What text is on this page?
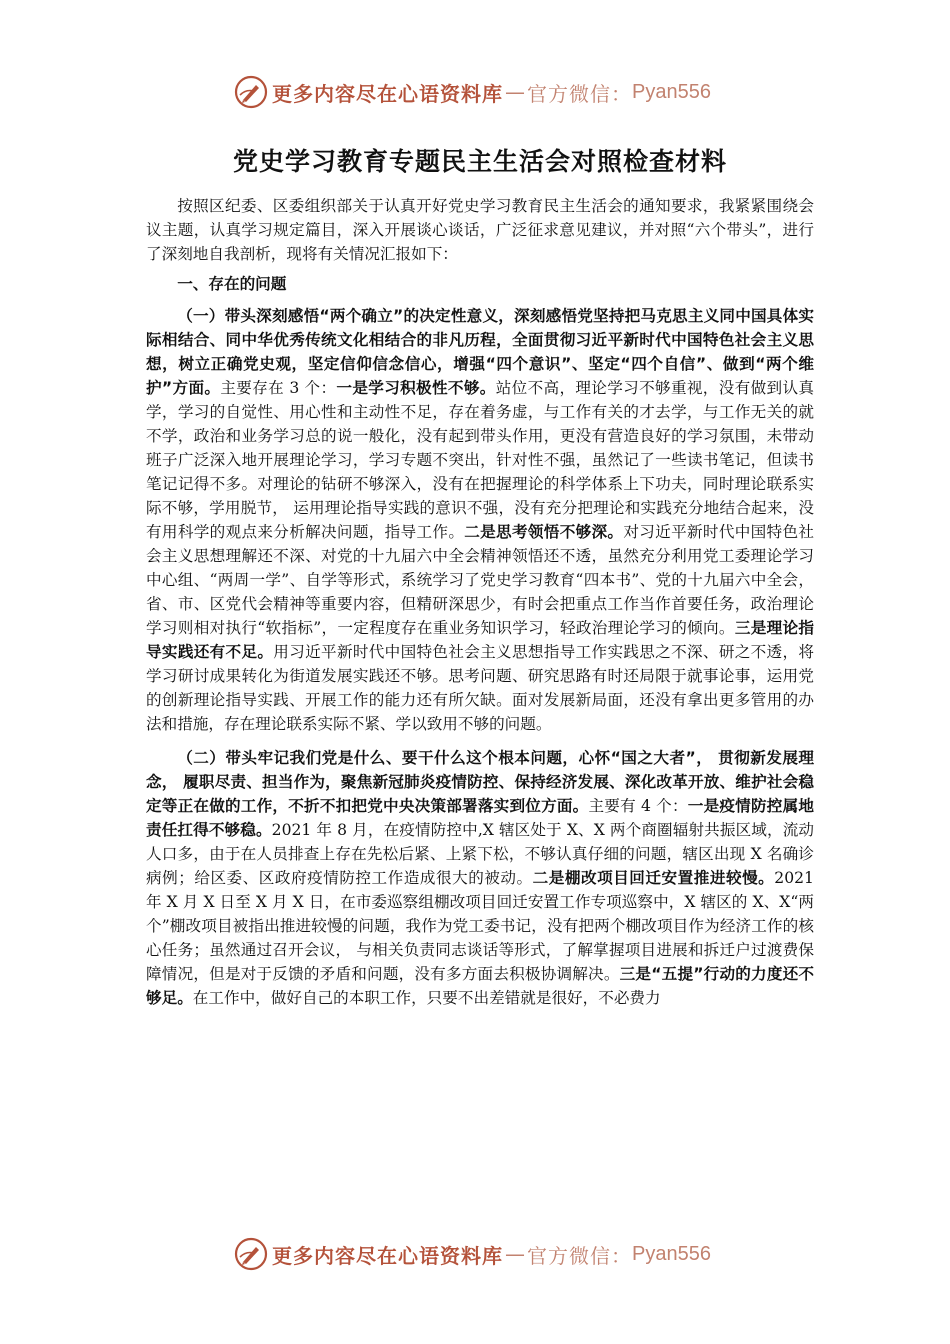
更多内容尽在心语资料库 — 官方微信： Pyan556
党史学习教育专题民主生活会对照检查材料

按照区纪委、区委组织部关于认真开好党史学习教育民主生活会的通知要求，我紧紧围绕会议主题，认真学习规定篇目，深入开展谈心谈话，广泛征求意见建议，并对照“六个带头”，进行了深刻地自我剖析，现将有关情况汇报如下：

一、存在的问题

（一）带头深刻感悟“两个确立”的决定性意义，深刻感悟党坚持把马克思主义同中国具体实际相结合、同中华优秀传统文化相结合的非凡历程，全面贯彻习近平新时代中国特色社会主义思想，树立正确党史观，坚定信仰信念信心，增强“四个意识”、坚定“四个自信”、做到“两个维护”方面。主要存在 3 个：一是学习积极性不够。站位不高，理论学习不够重视，没有做到认真学，学习的自觉性、用心性和主动性不足，存在着务虚，与工作有关的才去学，与工作无关的就不学，政治和业务学习总的说一般化，没有起到带头作用，更没有营造良好的学习氛围，未带动班子广泛深入地开展理论学习，学习专题不突出，针对性不强，虽然记了一些读书笔记，但读书笔记记得不多。对理论的钻研不够深入，没有在把握理论的科学体系上下功夫，同时理论联系实际不够，学用脱节， 运用理论指导实践的意识不强，没有充分把理论和实践充分地结合起来，没有用科学的观点来分析解决问题，指导工作。二是思考领悟不够深。对习近平新时代中国特色社会主义思想理解还不深、对党的十九届六中全会精神领悟还不透，虽然充分利用党工委理论学习中心组、“两周一学”、自学等形式，系统学习了党史学习教育“四本书”、党的十九届六中全会，省、市、区党代会精神等重要内容，但精研深思少，有时会把重点工作当作首要任务，政治理论学习则相对执行“软指标”，一定程度存在重业务知识学习，轻政治理论学习的倾向。三是理论指导实践还有不足。用习近平新时代中国特色社会主义思想指导工作实践思之不深、研之不透，将学习研讨成果转化为街道发展实践还不够。思考问题、研究思路有时还局限于就事论事，运用党的创新理论指导实践、开展工作的能力还有所欠缺。面对发展新局面，还没有拿出更多管用的办法和措施，存在理论联系实际不紧、学以致用不够的问题。

（二）带头牢记我们党是什么、要干什么这个根本问题，心怀“国之大者”， 贯彻新发展理念， 履职尽责、担当作为，聚焦新冠肺炎疫情防控、保持经济发展、深化改革开放、维护社会稳定等正在做的工作，不折不扣把党中央决策部署落实到位方面。主要有 4 个：一是疫情防控属地责任扛得不够稳。2021 年 8 月，在疫情防控中,X 辖区处于 X、X 两个商圈辐射共振区域，流动人口多，由于在人员排查上存在先松后紧、上紧下松，不够认真仔细的问题，辖区出现 X 名确诊病例；给区委、区政府疫情防控工作造成很大的被动。二是棚改项目回迁安置推进较慢。2021 年 X 月 X 日至 X 月 X 日，在市委巡察组棚改项目回迁安置工作专项巡察中，X 辖区的 X、X“两个”棚改项目被指出推进较慢的问题，我作为党工委书记，没有把两个棚改项目作为经济工作的核心任务；虽然通过召开会议， 与相关负责同志谈话等形式，了解掌握项目进展和拆迁户过渡费保障情况，但是对于反馈的矛盾和问题，没有多方面去积极协调解决。三是“五提”行动的力度还不够足。在工作中，做好自己的本职工作，只要不出差错就是很好，不必费力

更多内容尽在心语资料库 — 官方微信： Pyan556
